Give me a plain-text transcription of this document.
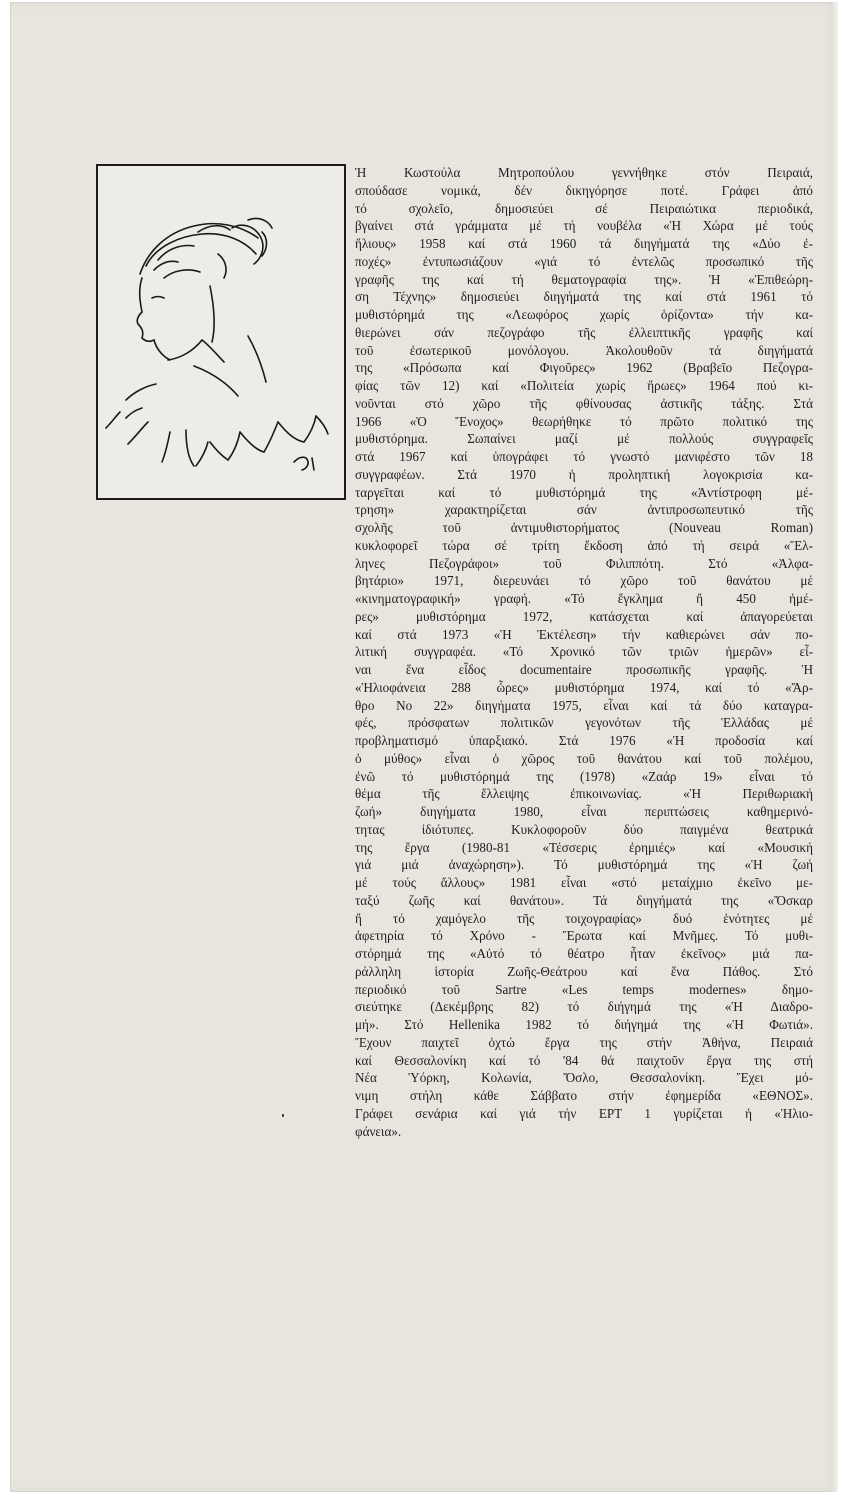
Ἡ Κωστούλα Μητροπούλου γεννήθηκε στόν Πειραιά,
σπούδασε νομικά, δέν δικηγόρησε ποτέ. Γράφει ἀπό
τό σχολεῖο, δημοσιεύει σέ Πειραιώτικα περιοδικά,
βγαίνει στά γράμματα μέ τή νουβέλα «Ἡ Χώρα μέ τούς
ἥλιους» 1958 καί στά 1960 τά διηγήματά της «Δύο ἐ-
ποχές» ἐντυπωσιάζουν «γιά τό ἐντελῶς προσωπικό τῆς
γραφῆς της καί τή θεματογραφία της». Ἡ «Ἐπιθεώρη-
ση Τέχνης» δημοσιεύει διηγήματά της καί στά 1961 τό
μυθιστόρημά της «Λεωφόρος χωρίς ὁρίζοντα» τήν κα-
θιερώνει σάν πεζογράφο τῆς ἐλλειπτικῆς γραφῆς καί
τοῦ ἐσωτερικοῦ μονόλογου. Ἀκολουθοῦν τά διηγήματά
της «Πρόσωπα καί Φιγοῦρες» 1962 (Βραβεῖο Πεζογρα-
φίας τῶν 12) καί «Πολιτεία χωρίς ἥρωες» 1964 πού κι-
νοῦνται στό χῶρο τῆς φθίνουσας ἀστικῆς τάξης. Στά
1966 «Ὁ Ἔνοχος» θεωρήθηκε τό πρῶτο πολιτικό της
μυθιστόρημα. Σωπαίνει μαζί μέ πολλούς συγγραφεῖς
στά 1967 καί ὑπογράφει τό γνωστό μανιφέστο τῶν 18
συγγραφέων. Στά 1970 ἡ προληπτική λογοκρισία κα-
ταργεῖται καί τό μυθιστόρημά της «Ἀντίστροφη μέ-
τρηση» χαρακτηρίζεται σάν ἀντιπροσωπευτικό τῆς
σχολῆς τοῦ ἀντιμυθιστορήματος (Nouveau Roman)
κυκλοφορεῖ τώρα σέ τρίτη ἔκδοση ἀπό τή σειρά «Ἕλ-
ληνες Πεζογράφοι» τοῦ Φιλιππότη. Στό «Ἀλφα-
βητάριο» 1971, διερευνάει τό χῶρο τοῦ θανάτου μέ
«κινηματογραφική» γραφή. «Τό ἔγκλημα ἤ 450 ἡμέ-
ρες» μυθιστόρημα 1972, κατάσχεται καί ἀπαγορεύεται
καί στά 1973 «Ἡ Ἐκτέλεση» τήν καθιερώνει σάν πο-
λιτική συγγραφέα. «Τό Χρονικό τῶν τριῶν ἡμερῶν» εἶ-
ναι ἕνα εἶδος documentaire προσωπικῆς γραφῆς. Ἡ
«Ἡλιοφάνεια 288 ὧρες» μυθιστόρημα 1974, καί τό «Ἄρ-
θρο Νο 22» διηγήματα 1975, εἶναι καί τά δύο καταγρα-
φές, πρόσφατων πολιτικῶν γεγονότων τῆς Ἑλλάδας μέ
προβληματισμό ὑπαρξιακό. Στά 1976 «Ἡ προδοσία καί
ὁ μύθος» εἶναι ὁ χῶρος τοῦ θανάτου καί τοῦ πολέμου,
ἐνῶ τό μυθιστόρημά της (1978) «Ζαάρ 19» εἶναι τό
θέμα τῆς ἔλλειψης ἐπικοινωνίας. «Ἡ Περιθωριακή
ζωή» διηγήματα 1980, εἶναι περιπτώσεις καθημερινό-
τητας ἰδιότυπες. Κυκλοφοροῦν δύο παιγμένα θεατρικά
της ἔργα (1980-81 «Τέσσερις ἐρημιές» καί «Μουσική
γιά μιά ἀναχώρηση»). Τό μυθιστόρημά της «Ἡ ζωή
μέ τούς ἄλλους» 1981 εἶναι «στό μεταίχμιο ἐκεῖνο με-
ταξύ ζωῆς καί θανάτου». Τά διηγήματά της «Ὄσκαρ
ἤ τό χαμόγελο τῆς τοιχογραφίας» δυό ἑνότητες μέ
ἀφετηρία τό Χρόνο - Ἔρωτα καί Μνῆμες. Τό μυθι-
στόρημά της «Αὐτό τό θέατρο ἦταν ἐκεῖνος» μιά πα-
ράλληλη ἱστορία Ζωῆς-Θεάτρου καί ἕνα Πάθος. Στό
περιοδικό τοῦ Sartre «Les temps modernes» δημο-
σιεύτηκε (Δεκέμβρης 82) τό διήγημά της «Ἡ Διαδρο-
μή». Στό Hellenika 1982 τό διήγημά της «Ἡ Φωτιά».
Ἔχουν παιχτεῖ ὀχτώ ἔργα της στήν Ἀθήνα, Πειραιά
καί Θεσσαλονίκη καί τό '84 θά παιχτοῦν ἔργα της στή
Νέα Ὑόρκη, Κολωνία, Ὄσλο, Θεσσαλονίκη. Ἔχει μό-
νιμη στήλη κάθε Σάββατο στήν ἐφημερίδα «ΕΘΝΟΣ».
Γράφει σενάρια καί γιά τήν ΕΡΤ 1 γυρίζεται ἡ «Ἡλιο-
φάνεια».
